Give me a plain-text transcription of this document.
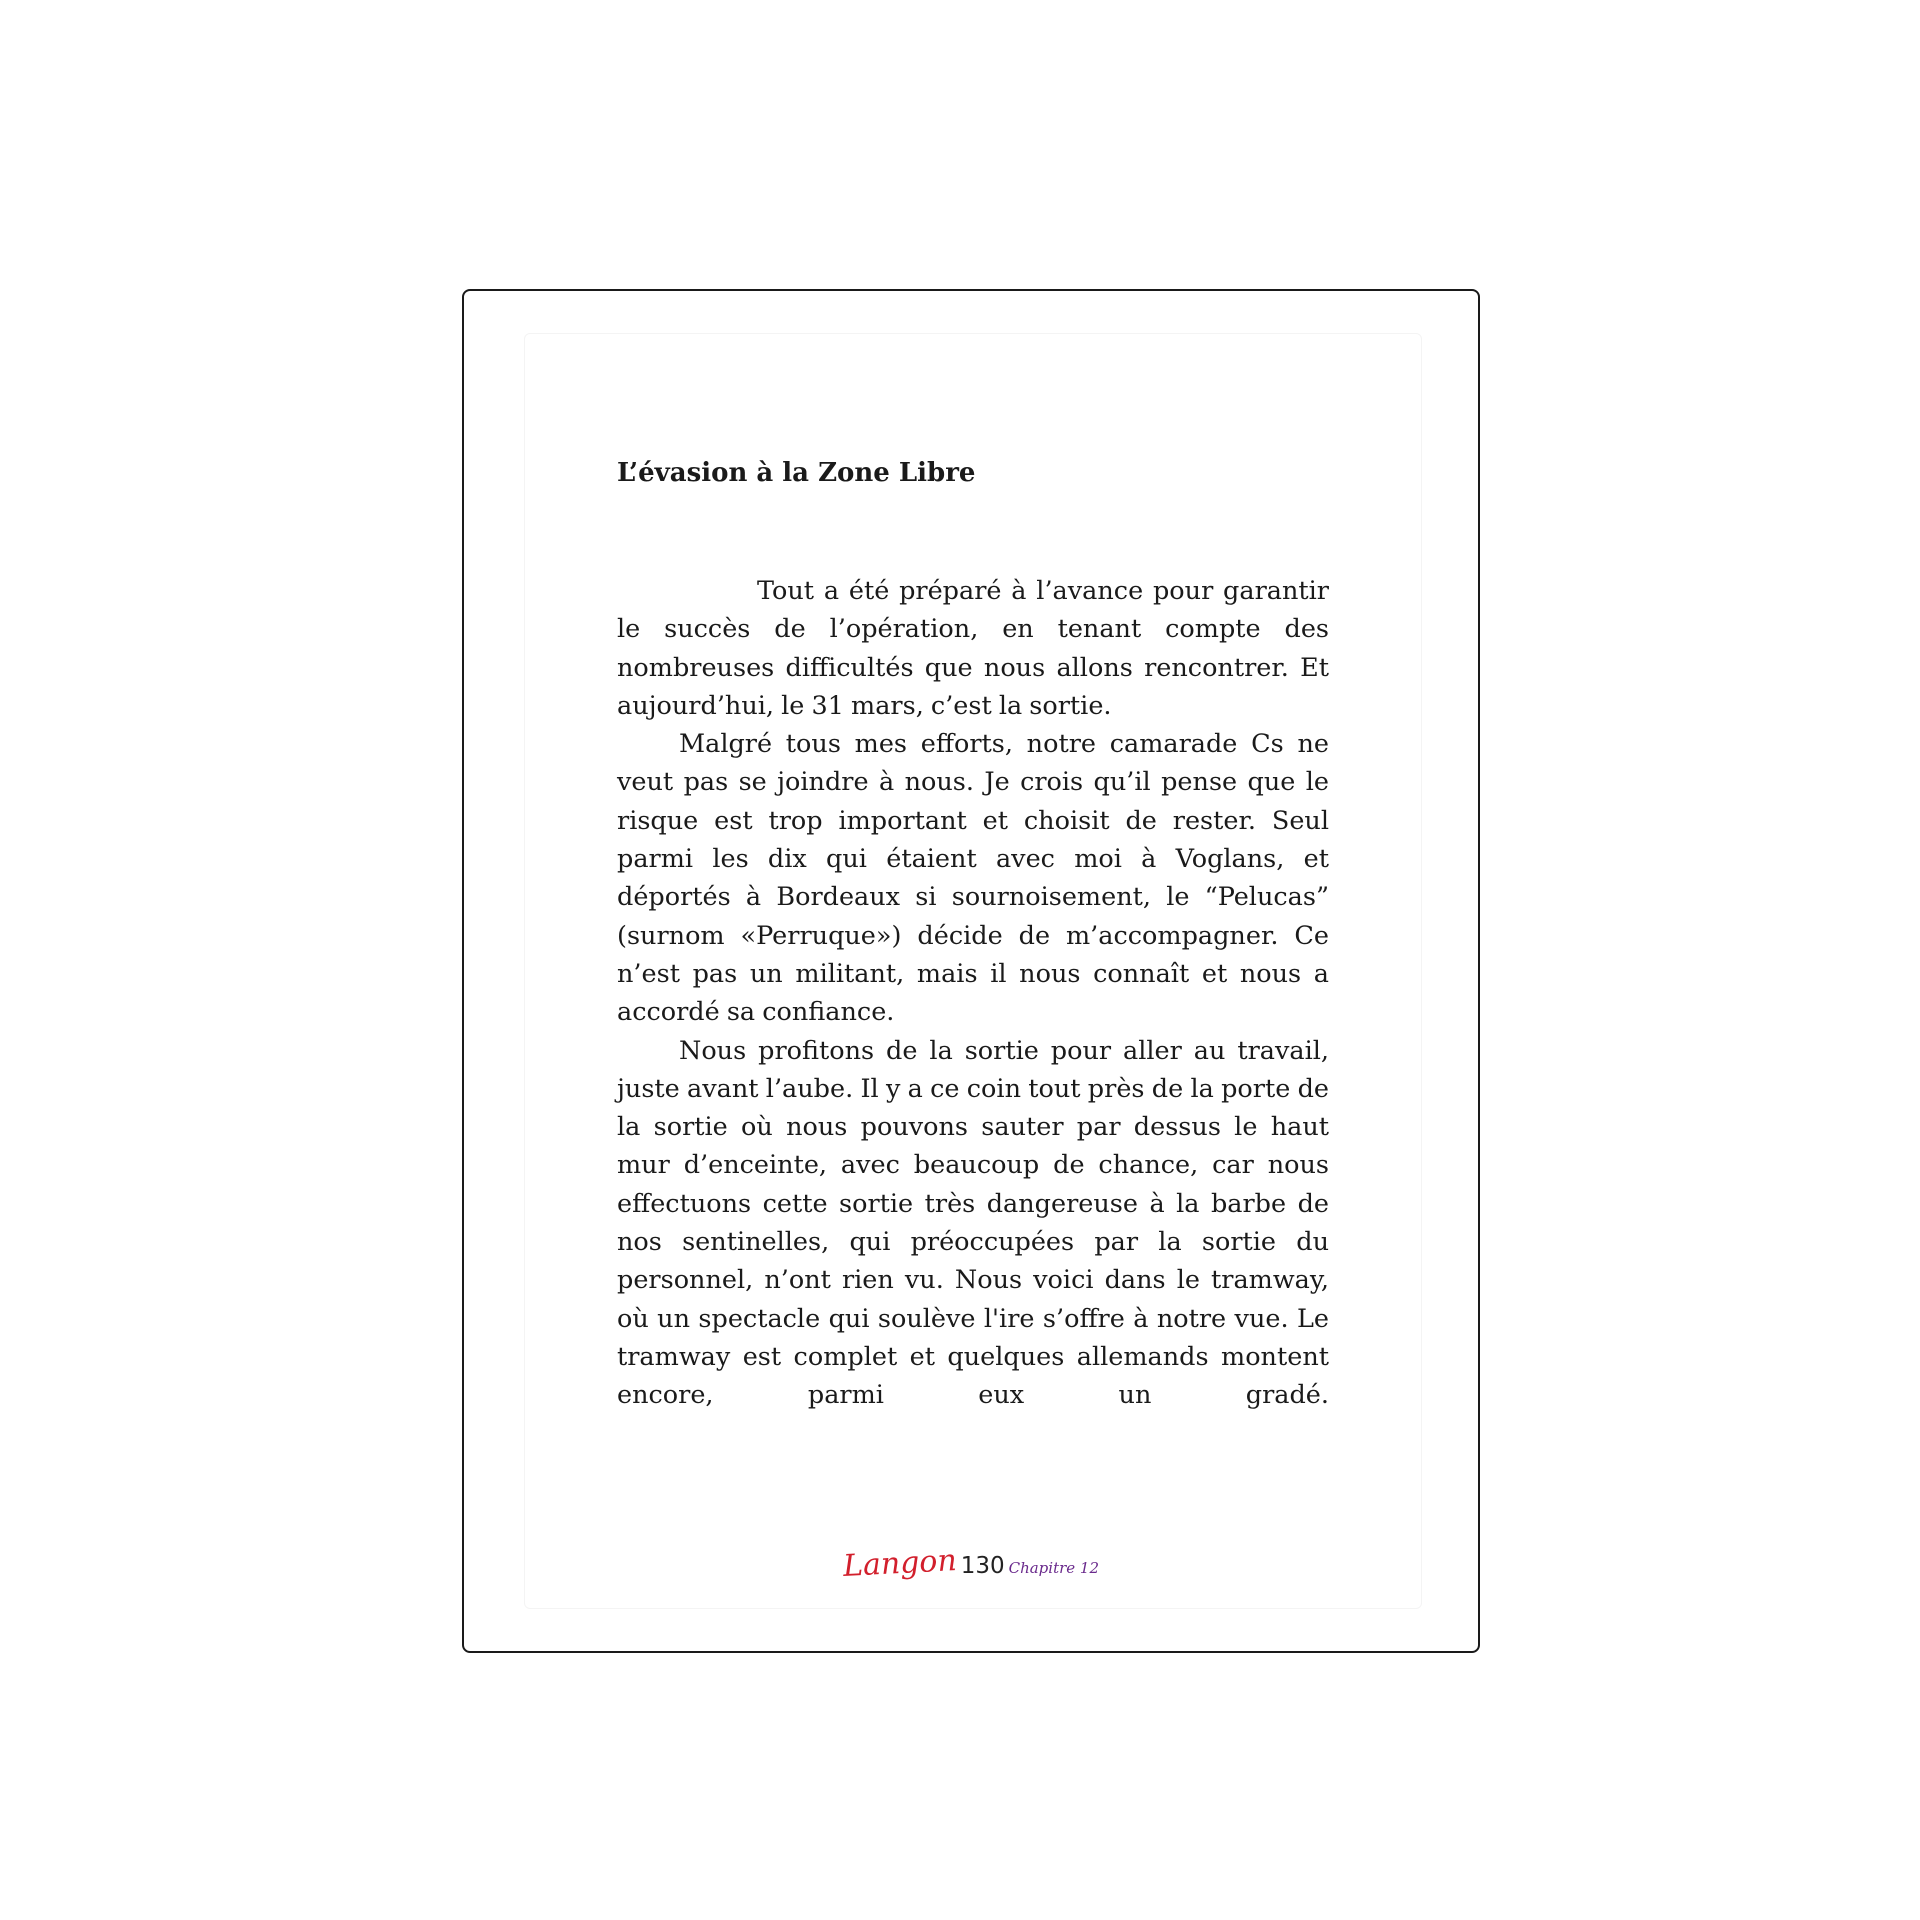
L’évasion à la Zone Libre

Tout a été préparé à l’avance pour garantir le succès de l’opération, en tenant compte des nombreuses difficultés que nous allons rencontrer. Et aujourd’hui, le 31 mars, c’est la sortie.

Malgré tous mes efforts, notre camarade Cs ne veut pas se joindre à nous. Je crois qu’il pense que le risque est trop important et choisit de rester. Seul parmi les dix qui étaient avec moi à Voglans, et déportés à Bordeaux si sournoisement, le “Pelucas” (surnom «Perruque») décide de m’accompagner. Ce n’est pas un militant, mais il nous connaît et nous a accordé sa confiance.

Nous profitons de la sortie pour aller au travail, juste avant l’aube. Il y a ce coin tout près de la porte de la sortie où nous pouvons sauter par dessus le haut mur d’enceinte, avec beaucoup de chance, car nous effectuons cette sortie très dangereuse à la barbe de nos sentinelles, qui préoccupées par la sortie du personnel, n’ont rien vu. Nous voici dans le tramway, où un spectacle qui soulève l'ire s’offre à notre vue. Le tramway est complet et quelques allemands montent encore, parmi eux un gradé.

Langon 130 Chapitre 12
